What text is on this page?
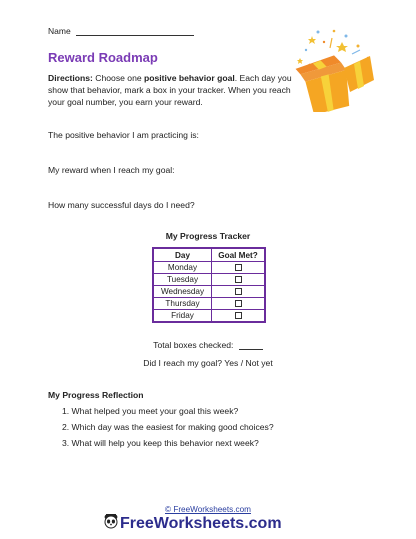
Name
Reward Roadmap
Directions: Choose one positive behavior goal. Each day you show that behavior, mark a box in your tracker. When you reach your goal number, you earn your reward.
The positive behavior I am practicing is:
My reward when I reach my goal:
How many successful days do I need?
My Progress Tracker
Day	Goal Met?
Monday	
Tuesday	
Wednesday	
Thursday	
Friday	
Total boxes checked:
Did I reach my goal? Yes / Not yet
My Progress Reflection
1. What helped you meet your goal this week?
2. Which day was the easiest for making good choices?
3. What will help you keep this behavior next week?
© FreeWorksheets.com
FreeWorksheets.com
